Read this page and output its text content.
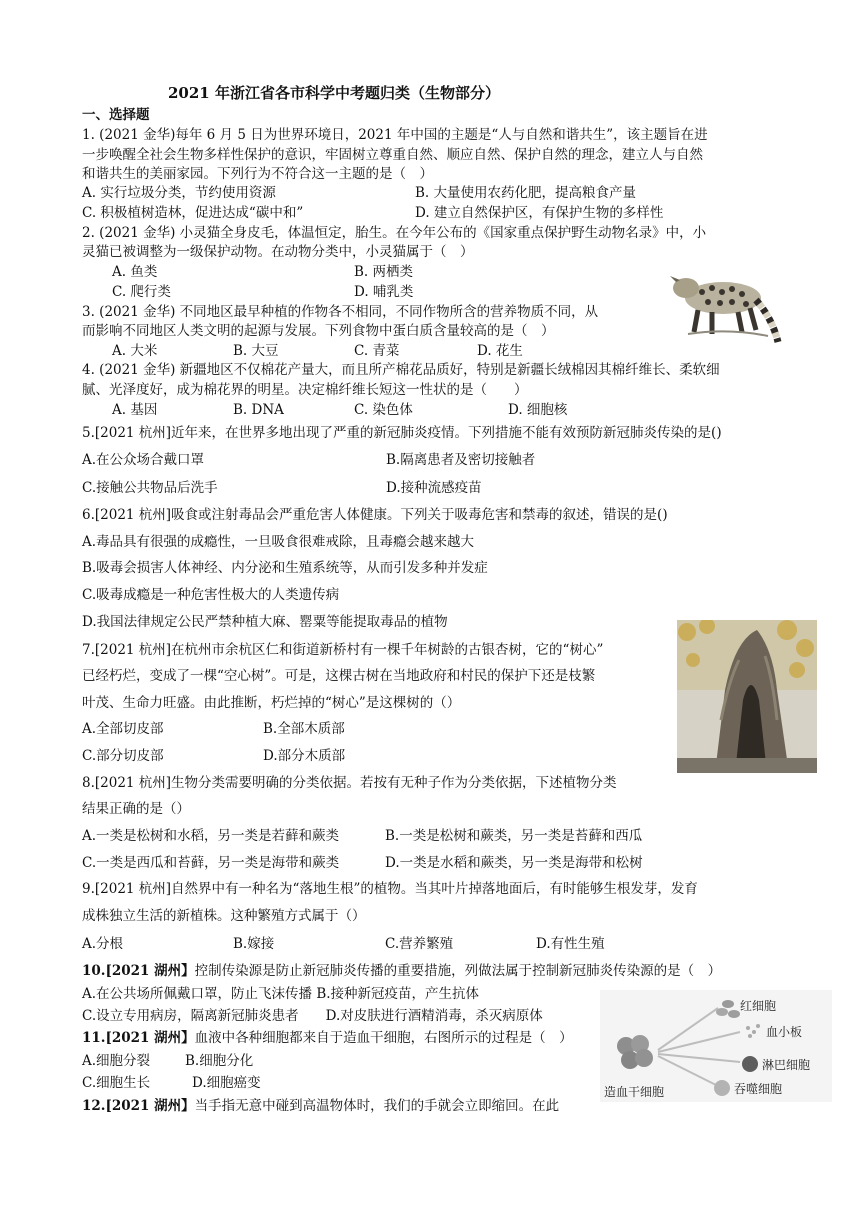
2021 年浙江省各市科学中考题归类（生物部分）
一、选择题
1. (2021 金华)每年 6 月 5 日为世界环境日，2021 年中国的主题是“人与自然和谐共生”，该主题旨在进
一步唤醒全社会生物多样性保护的意识，牢固树立尊重自然、顺应自然、保护自然的理念，建立人与自然
和谐共生的美丽家园。下列行为不符合这一主题的是（　）
A. 实行垃圾分类，节约使用资源	B. 大量使用农药化肥，提高粮食产量
C. 积极植树造林，促进达成“碳中和”	D. 建立自然保护区，有保护生物的多样性
2. (2021 金华) 小灵猫全身皮毛，体温恒定，胎生。在今年公布的《国家重点保护野生动物名录》中，小
灵猫已被调整为一级保护动物。在动物分类中，小灵猫属于（　）
A. 鱼类	B. 两栖类
C. 爬行类	D. 哺乳类
3. (2021 金华) 不同地区最早种植的作物各不相同，不同作物所含的营养物质不同，从
而影响不同地区人类文明的起源与发展。下列食物中蛋白质含量较高的是（　）
A. 大米	B. 大豆	C. 青菜	D. 花生
4. (2021 金华) 新疆地区不仅棉花产量大，而且所产棉花品质好，特别是新疆长绒棉因其棉纤维长、柔软细
腻、光泽度好，成为棉花界的明星。决定棉纤维长短这一性状的是（　　）
A. 基因	B. DNA	C. 染色体	D. 细胞核
5.[2021 杭州]近年来，在世界多地出现了严重的新冠肺炎疫情。下列措施不能有效预防新冠肺炎传染的是()
A.在公众场合戴口罩	B.隔离患者及密切接触者
C.接触公共物品后洗手	D.接种流感疫苗
6.[2021 杭州]吸食或注射毒品会严重危害人体健康。下列关于吸毒危害和禁毒的叙述，错误的是()
A.毒品具有很强的成瘾性，一旦吸食很难戒除，且毒瘾会越来越大
B.吸毒会损害人体神经、内分泌和生殖系统等，从而引发多种并发症
C.吸毒成瘾是一种危害性极大的人类遗传病
D.我国法律规定公民严禁种植大麻、罂粟等能提取毒品的植物
7.[2021 杭州]在杭州市余杭区仁和街道新桥村有一棵千年树龄的古银杏树，它的“树心”
已经朽烂，变成了一棵“空心树”。可是，这棵古树在当地政府和村民的保护下还是枝繁
叶茂、生命力旺盛。由此推断，朽烂掉的“树心”是这棵树的（）
A.全部切皮部	B.全部木质部
C.部分切皮部	D.部分木质部
8.[2021 杭州]生物分类需要明确的分类依据。若按有无种子作为分类依据，下述植物分类
结果正确的是（）
A.一类是松树和水稻，另一类是若藓和蕨类	B.一类是松树和蕨类，另一类是苔藓和西瓜
C.一类是西瓜和苔藓，另一类是海带和蕨类	D.一类是水稻和蕨类，另一类是海带和松树
9.[2021 杭州]自然界中有一种名为“落地生根”的植物。当其叶片掉落地面后，有时能够生根发芽，发育
成株独立生活的新植株。这种繁殖方式属于（）
A.分根	B.嫁接	C.营养繁殖	D.有性生殖
10.[2021 湖州】控制传染源是防止新冠肺炎传播的重要措施，列做法属于控制新冠肺炎传染源的是（　）
A.在公共场所佩戴口罩，防止飞沫传播 B.接种新冠疫苗，产生抗体
C.设立专用病房，隔离新冠肺炎患者　　D.对皮肤进行酒精消毒，杀灭病原体
11.[2021 湖州】血液中各种细胞都来自于造血干细胞，右图所示的过程是（　）
A.细胞分裂	B.细胞分化
C.细胞生长	D.细胞癌变
12.[2021 湖州】当手指无意中碰到高温物体时，我们的手就会立即缩回。在此
造血干细胞
红细胞
血小板
淋巴细胞
吞噬细胞
